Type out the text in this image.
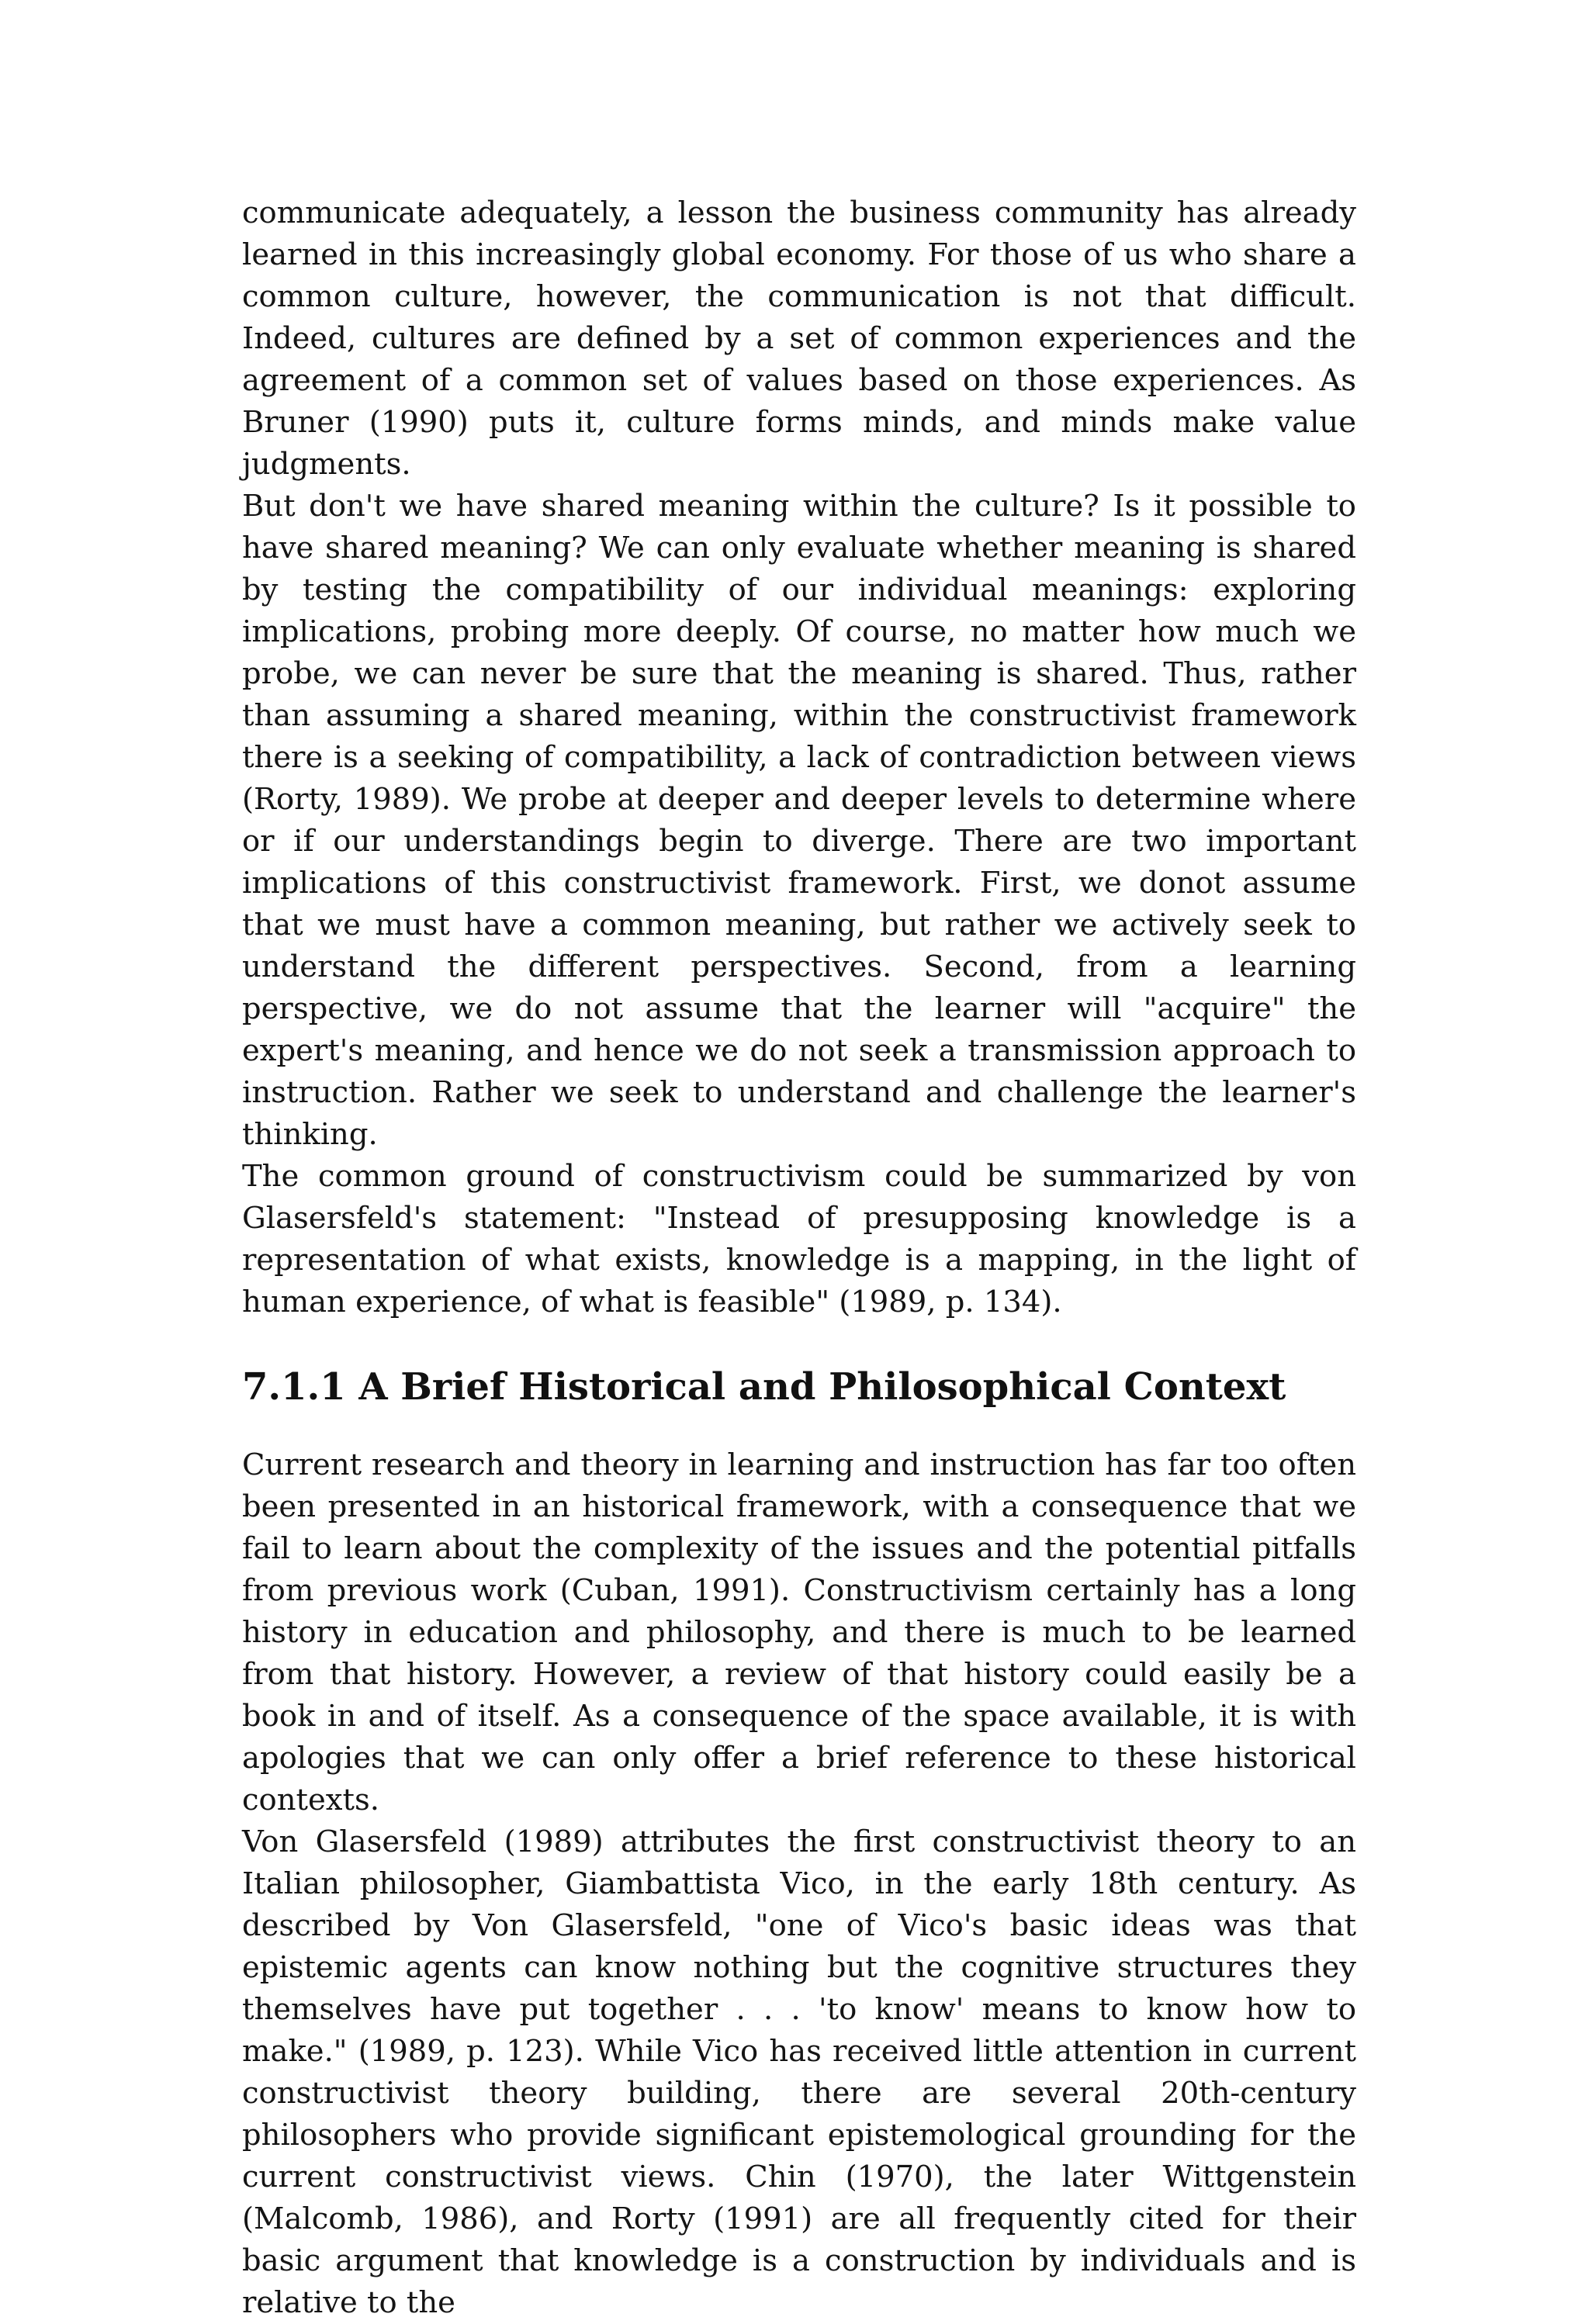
communicate adequately, a lesson the business community has already learned in this increasingly global economy. For those of us who share a common culture, however, the communication is not that difficult. Indeed, cultures are defined by a set of common experiences and the agreement of a common set of values based on those experiences. As Bruner (1990) puts it, culture forms minds, and minds make value judgments.

But don't we have shared meaning within the culture? Is it possible to have shared meaning? We can only evaluate whether meaning is shared by testing the compatibility of our individual meanings: exploring implications, probing more deeply. Of course, no matter how much we probe, we can never be sure that the meaning is shared. Thus, rather than assuming a shared meaning, within the constructivist framework there is a seeking of compatibility, a lack of contradiction between views (Rorty, 1989). We probe at deeper and deeper levels to determine where or if our understandings begin to diverge. There are two important implications of this constructivist framework. First, we donot assume that we must have a common meaning, but rather we actively seek to understand the different perspectives. Second, from a learning perspective, we do not assume that the learner will "acquire" the expert's meaning, and hence we do not seek a transmission approach to instruction. Rather we seek to understand and challenge the learner's thinking.

The common ground of constructivism could be summarized by von Glasersfeld's statement: "Instead of presupposing knowledge is a representation of what exists, knowledge is a mapping, in the light of human experience, of what is feasible" (1989, p. 134).

7.1.1 A Brief Historical and Philosophical Context

Current research and theory in learning and instruction has far too often been presented in an historical framework, with a consequence that we fail to learn about the complexity of the issues and the potential pitfalls from previous work (Cuban, 1991). Constructivism certainly has a long history in education and philosophy, and there is much to be learned from that history. However, a review of that history could easily be a book in and of itself. As a consequence of the space available, it is with apologies that we can only offer a brief reference to these historical contexts.

Von Glasersfeld (1989) attributes the first constructivist theory to an Italian philosopher, Giambattista Vico, in the early 18th century. As described by Von Glasersfeld, "one of Vico's basic ideas was that epistemic agents can know nothing but the cognitive structures they themselves have put together . . . 'to know' means to know how to make." (1989, p. 123). While Vico has received little attention in current constructivist theory building, there are several 20th-century philosophers who provide significant epistemological grounding for the current constructivist views. Chin (1970), the later Wittgenstein (Malcomb, 1986), and Rorty (1991) are all frequently cited for their basic argument that knowledge is a construction by individuals and is relative to the
